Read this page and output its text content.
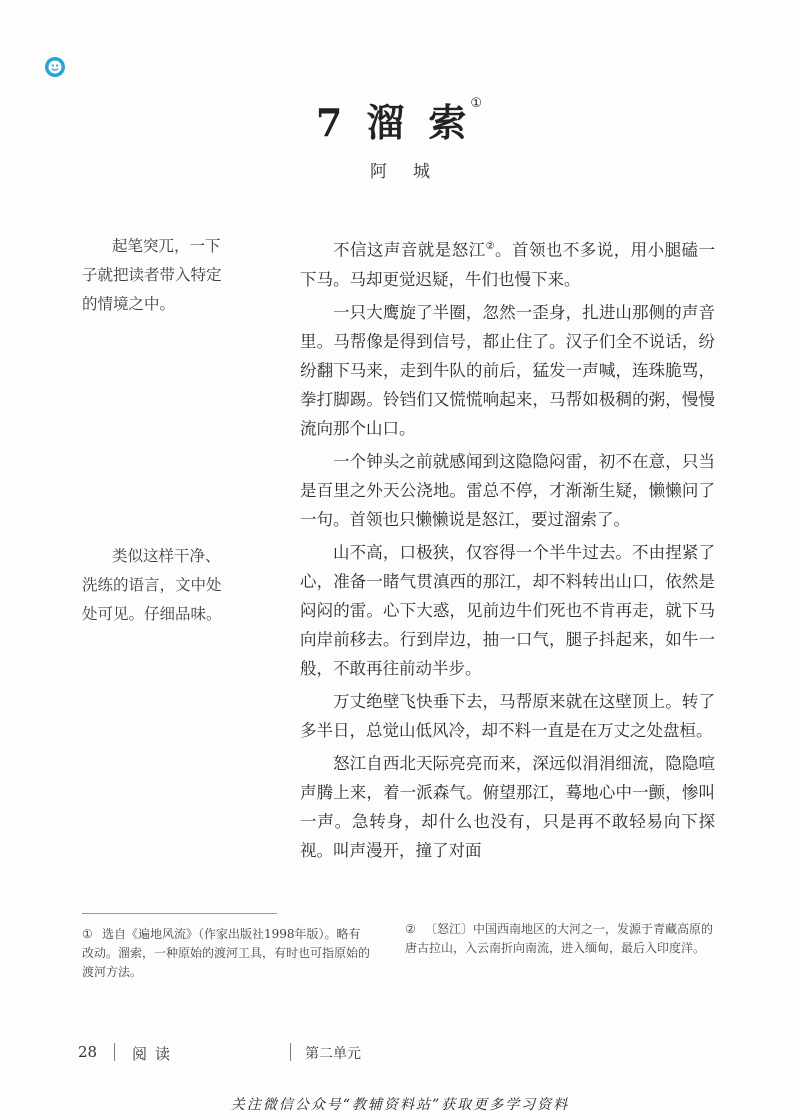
7 溜 索 ①
阿城
起笔突兀，一下
子就把读者带入特定
的情境之中。
类似这样干净、
洗练的语言，文中处
处可见。仔细品味。

不信这声音就是怒江②。首领也不多说，用小腿磕一下马。马却更觉迟疑，牛们也慢下来。

一只大鹰旋了半圈，忽然一歪身，扎进山那侧的声音里。马帮像是得到信号，都止住了。汉子们全不说话，纷纷翻下马来，走到牛队的前后，猛发一声喊，连珠脆骂，拳打脚踢。铃铛们又慌慌响起来，马帮如极稠的粥，慢慢流向那个山口。

一个钟头之前就感闻到这隐隐闷雷，初不在意，只当是百里之外天公浇地。雷总不停，才渐渐生疑，懒懒问了一句。首领也只懒懒说是怒江，要过溜索了。

山不高，口极狭，仅容得一个半牛过去。不由捏紧了心，准备一睹气贯滇西的那江，却不料转出山口，依然是闷闷的雷。心下大惑，见前边牛们死也不肯再走，就下马向岸前移去。行到岸边，抽一口气，腿子抖起来，如牛一般，不敢再往前动半步。

万丈绝壁飞快垂下去，马帮原来就在这壁顶上。转了多半日，总觉山低风冷，却不料一直是在万丈之处盘桓。

怒江自西北天际亮亮而来，深远似涓涓细流，隐隐喧声腾上来，着一派森气。俯望那江，蓦地心中一颤，惨叫一声。急转身，却什么也没有，只是再不敢轻易向下探视。叫声漫开，撞了对面

① 选自《遍地风流》（作家出版社1998年版）。略有改动。溜索，一种原始的渡河工具，有时也可指原始的渡河方法。
② 〔怒江〕中国西南地区的大河之一，发源于青藏高原的唐古拉山，入云南折向南流，进入缅甸，最后入印度洋。
28 阅读	第二单元
关注微信公众号“教辅资料站”获取更多学习资料
